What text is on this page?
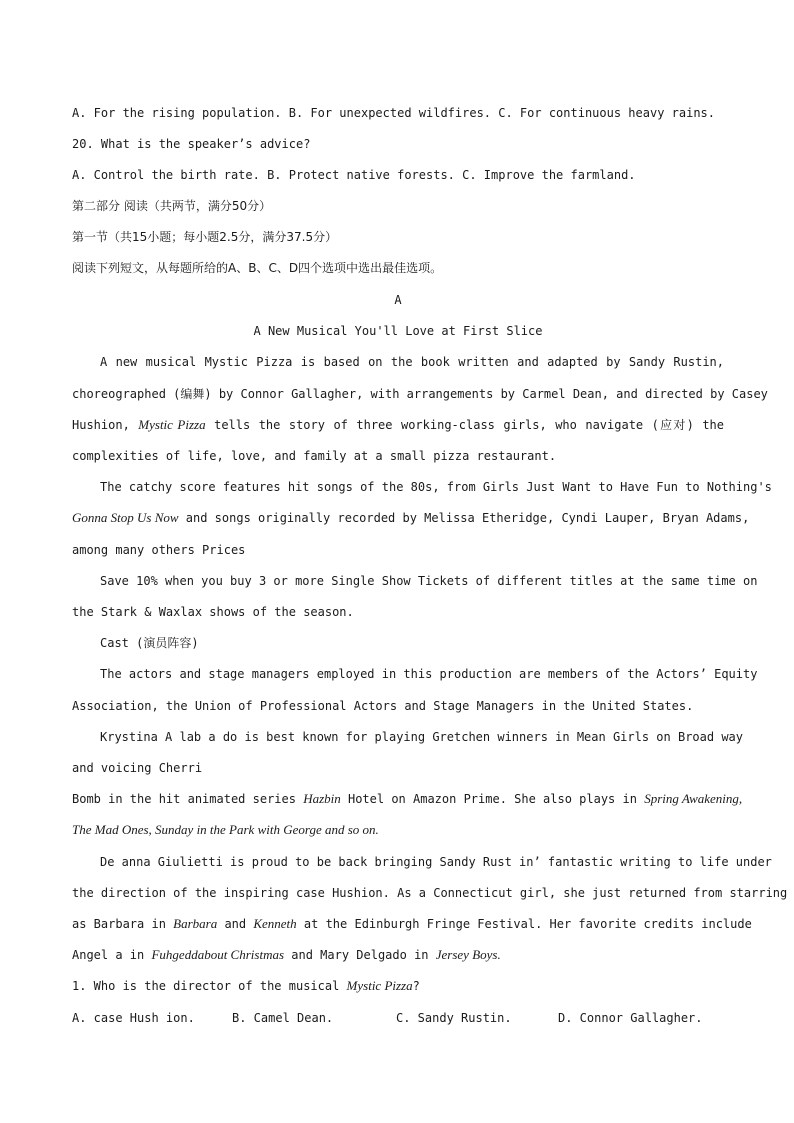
A. For the rising population. B. For unexpected wildfires. C. For continuous heavy rains.
20. What is the speaker’s advice?
A. Control the birth rate. B. Protect native forests. C. Improve the farmland.
第二部分 阅读（共两节，满分50分）
第一节（共15小题；每小题2.5分，满分37.5分）
阅读下列短文，从每题所给的A、B、C、D四个选项中选出最佳选项。
A
A New Musical You'll Love at First Slice
A new musical Mystic Pizza is based on the book written and adapted by Sandy Rustin,
choreographed (编舞) by Connor Gallagher, with arrangements by Carmel Dean, and directed by Casey
Hushion, Mystic Pizza tells the story of three working-class girls, who navigate (应对) the
complexities of life, love, and family at a small pizza restaurant.
The catchy score features hit songs of the 80s, from Girls Just Want to Have Fun to Nothing's
Gonna Stop Us Now and songs originally recorded by Melissa Etheridge, Cyndi Lauper, Bryan Adams,
among many others Prices
Save 10% when you buy 3 or more Single Show Tickets of different titles at the same time on
the Stark & Waxlax shows of the season.
Cast (演员阵容)
The actors and stage managers employed in this production are members of the Actors’ Equity
Association, the Union of Professional Actors and Stage Managers in the United States.
Krystina A lab a do is best known for playing Gretchen winners in Mean Girls on Broad way
and voicing Cherri
Bomb in the hit animated series Hazbin Hotel on Amazon Prime. She also plays in Spring Awakening,
The Mad Ones, Sunday in the Park with George and so on.
De anna Giulietti is proud to be back bringing Sandy Rust in’ fantastic writing to life under
the direction of the inspiring case Hushion. As a Connecticut girl, she just returned from starring
as Barbara in Barbara and Kenneth at the Edinburgh Fringe Festival. Her favorite credits include
Angel a in Fuhgeddabout Christmas and Mary Delgado in Jersey Boys.
1. Who is the director of the musical Mystic Pizza?
A. case Hush ion.	B. Camel Dean.	C. Sandy Rustin.	D. Connor Gallagher.
